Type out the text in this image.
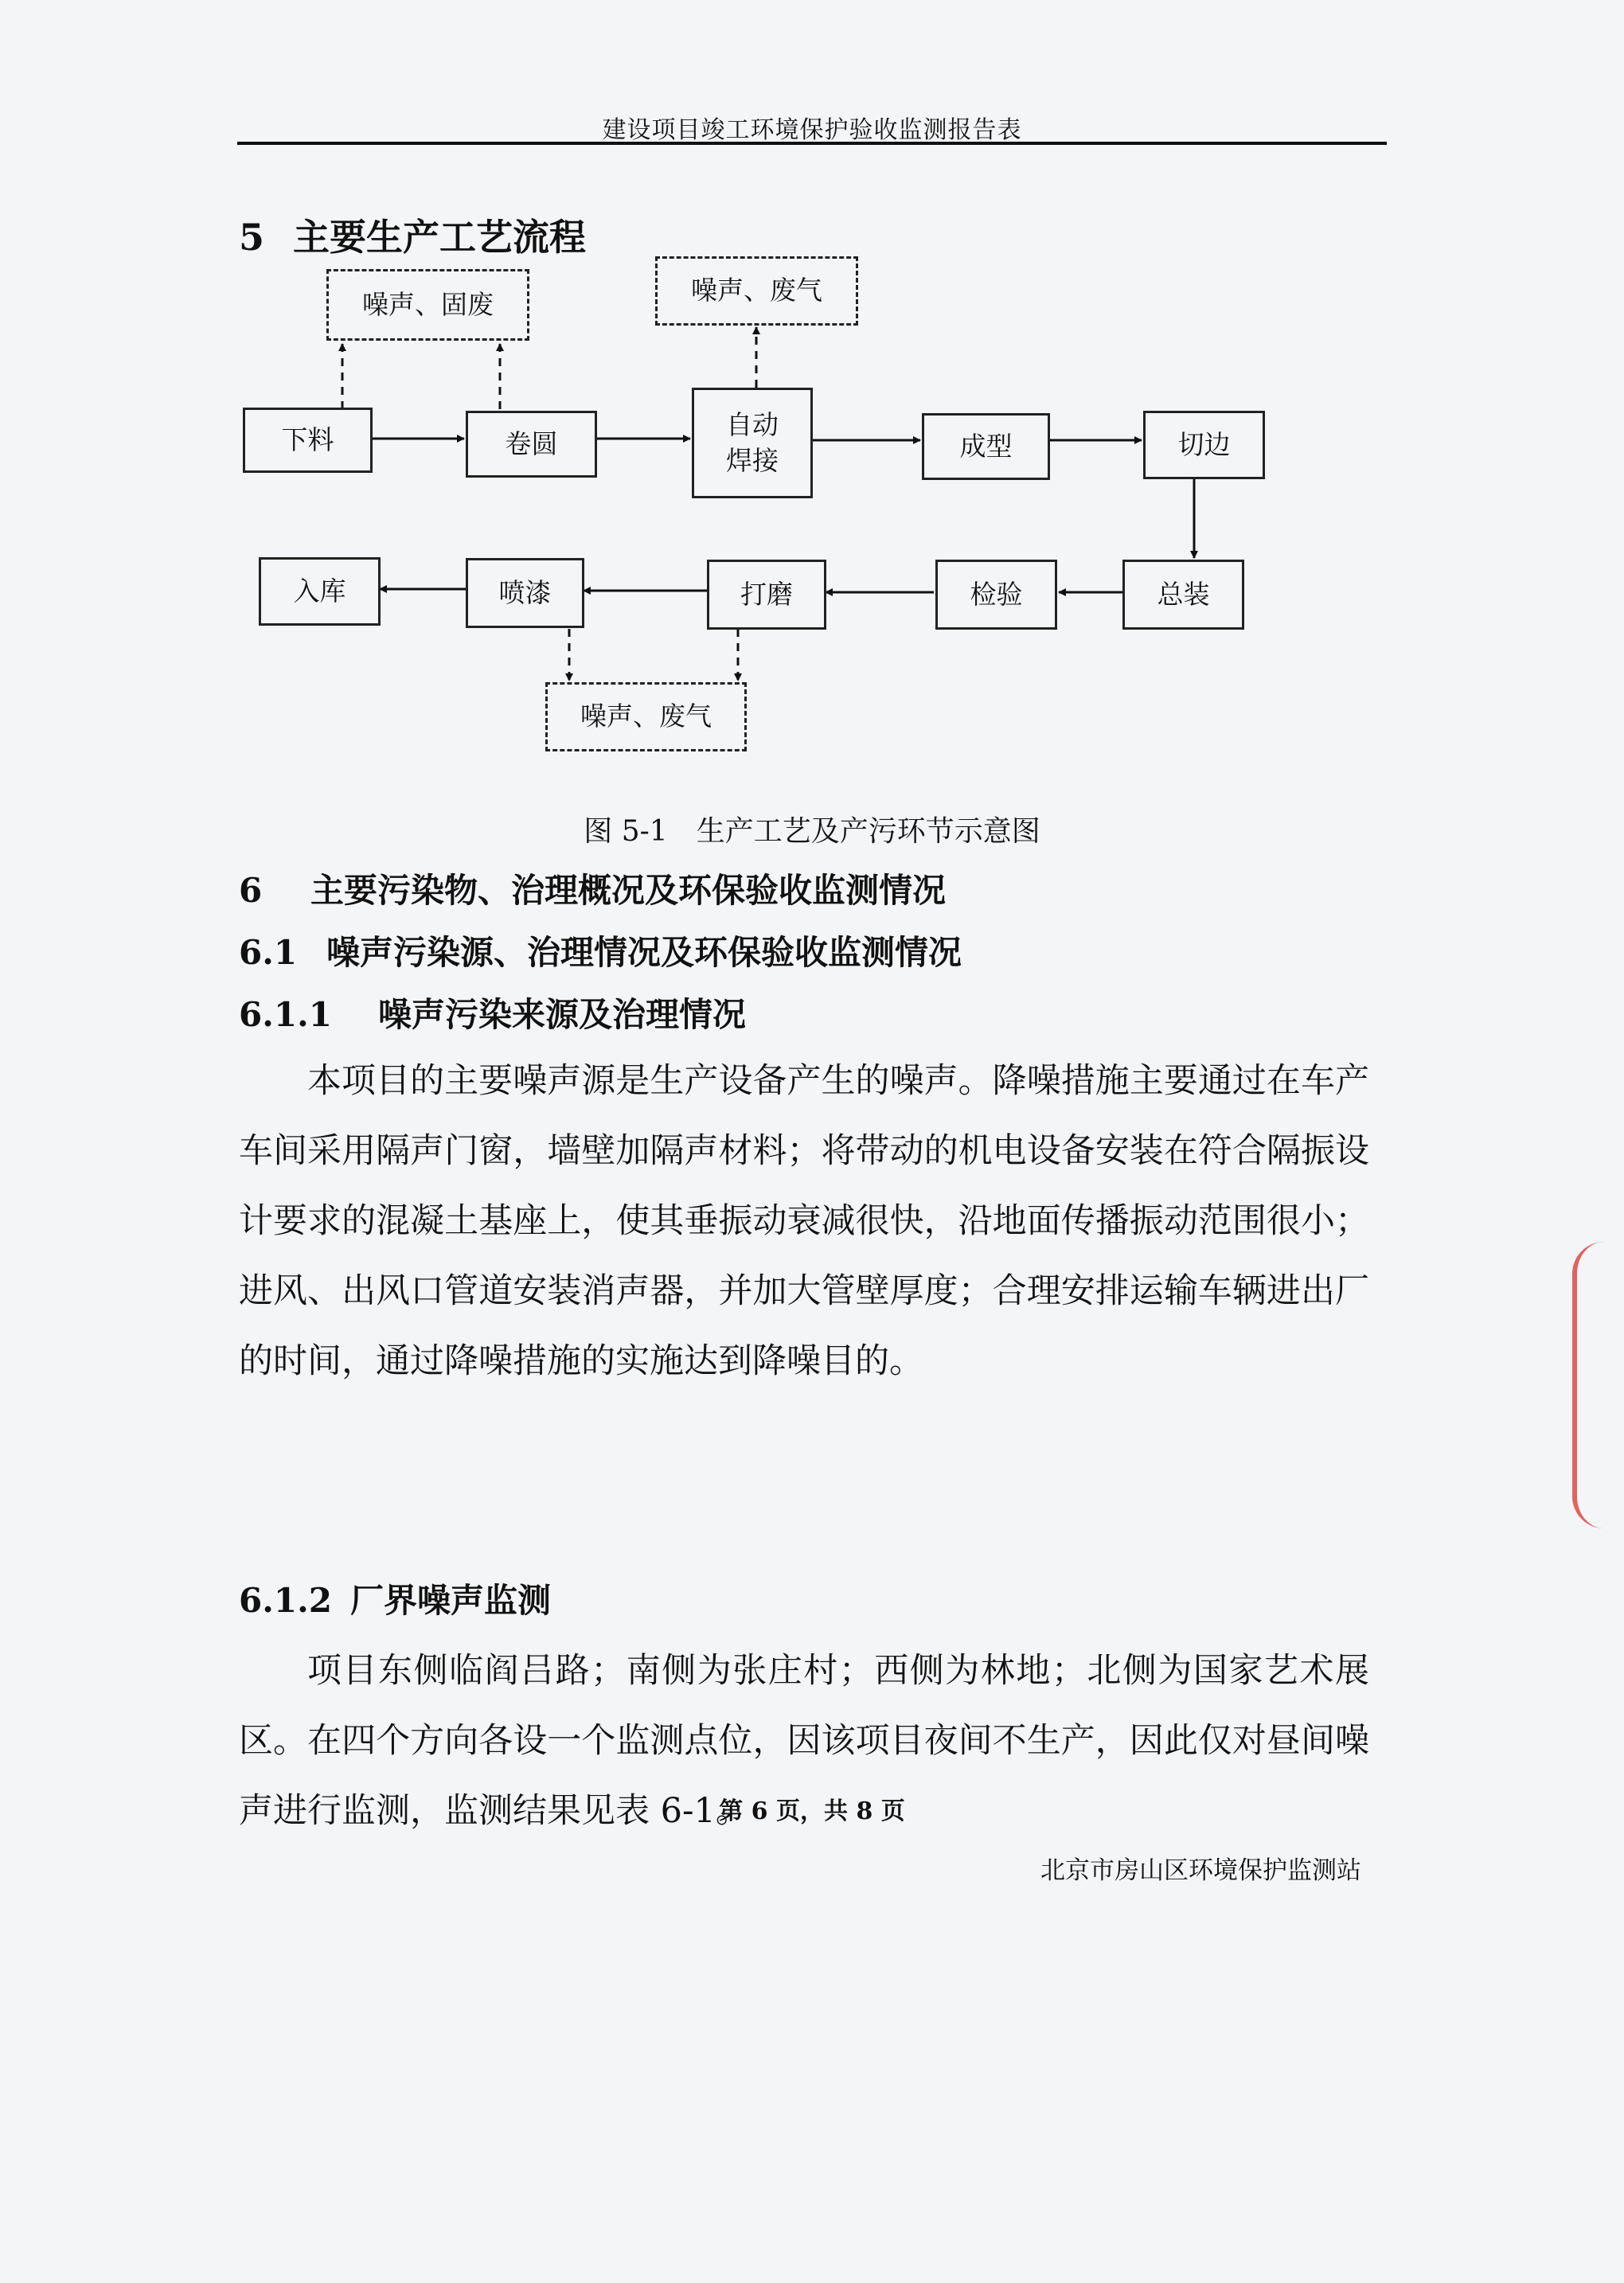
建设项目竣工环境保护验收监测报告表
5 主要生产工艺流程
噪声、固废	噪声、废气
噪声、废气
下料	卷圆
自动
焊接	成型	切边
总装
检验
打磨
喷漆
入库
图 5-1　生产工艺及产污环节示意图
6 主要污染物、治理概况及环保验收监测情况
6.1 噪声污染源、治理情况及环保验收监测情况
6.1.1 噪声污染来源及治理情况
本项目的主要噪声源是生产设备产生的噪声。降噪措施主要通过在车产车间采用隔声门窗，墙壁加隔声材料；将带动的机电设备安装在符合隔振设计要求的混凝土基座上，使其垂振动衰减很快，沿地面传播振动范围很小；进风、出风口管道安装消声器，并加大管壁厚度；合理安排运输车辆进出厂的时间，通过降噪措施的实施达到降噪目的。
6.1.2 厂界噪声监测
项目东侧临阎吕路；南侧为张庄村；西侧为林地；北侧为国家艺术展区。在四个方向各设一个监测点位，因该项目夜间不生产，因此仅对昼间噪声进行监测，监测结果见表 6-1。
第 6 页，共 8 页
北京市房山区环境保护监测站
